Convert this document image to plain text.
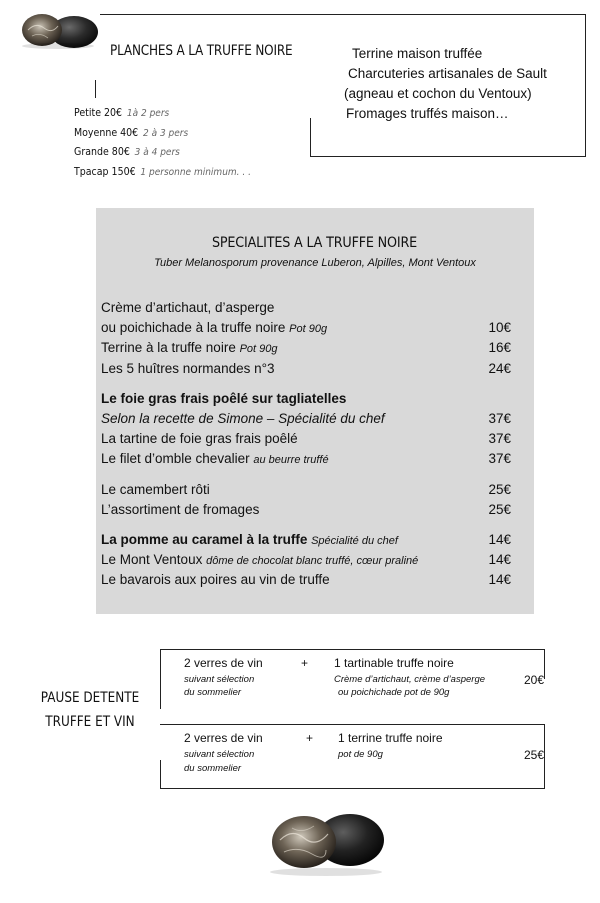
PLANCHES A LA TRUFFE NOIRE	Terrine maison truffée
Charcuteries artisanales de Sault
(agneau et cochon du Ventoux)
Fromages truffés maison…
Petite 20€ 1à 2 pers
Moyenne 40€ 2 à 3 pers
Grande 80€ 3 à 4 pers
Tpacap 150€ 1 personne minimum. . .
SPECIALITES A LA TRUFFE NOIRE
Tuber Melanosporum provenance Luberon, Alpilles, Mont Ventoux
Crème d’artichaut, d’asperge
ou poichichade à la truffe noire Pot 90g	10€
Terrine à la truffe noire Pot 90g	16€
Les 5 huîtres normandes n°3	24€
Le foie gras frais poêlé sur tagliatelles
Selon la recette de Simone – Spécialité du chef	37€
La tartine de foie gras frais poêlé	37€
Le filet d’omble chevalier au beurre truffé	37€
Le camembert rôti	25€
L’assortiment de fromages	25€
La pomme au caramel à la truffe Spécialité du chef	14€
Le Mont Ventoux dôme de chocolat blanc truffé, cœur praliné	14€
Le bavarois aux poires au vin de truffe	14€
PAUSE DETENTE
TRUFFE ET VIN
2 verres de vin
suivant sélection
du sommelier
+ 1 tartinable truffe noire
Crème d’artichaut, crème d’asperge
ou poichichade pot de 90g
20€
2 verres de vin
suivant sélection
du sommelier
+ 1 terrine truffe noire
pot de 90g	25€
